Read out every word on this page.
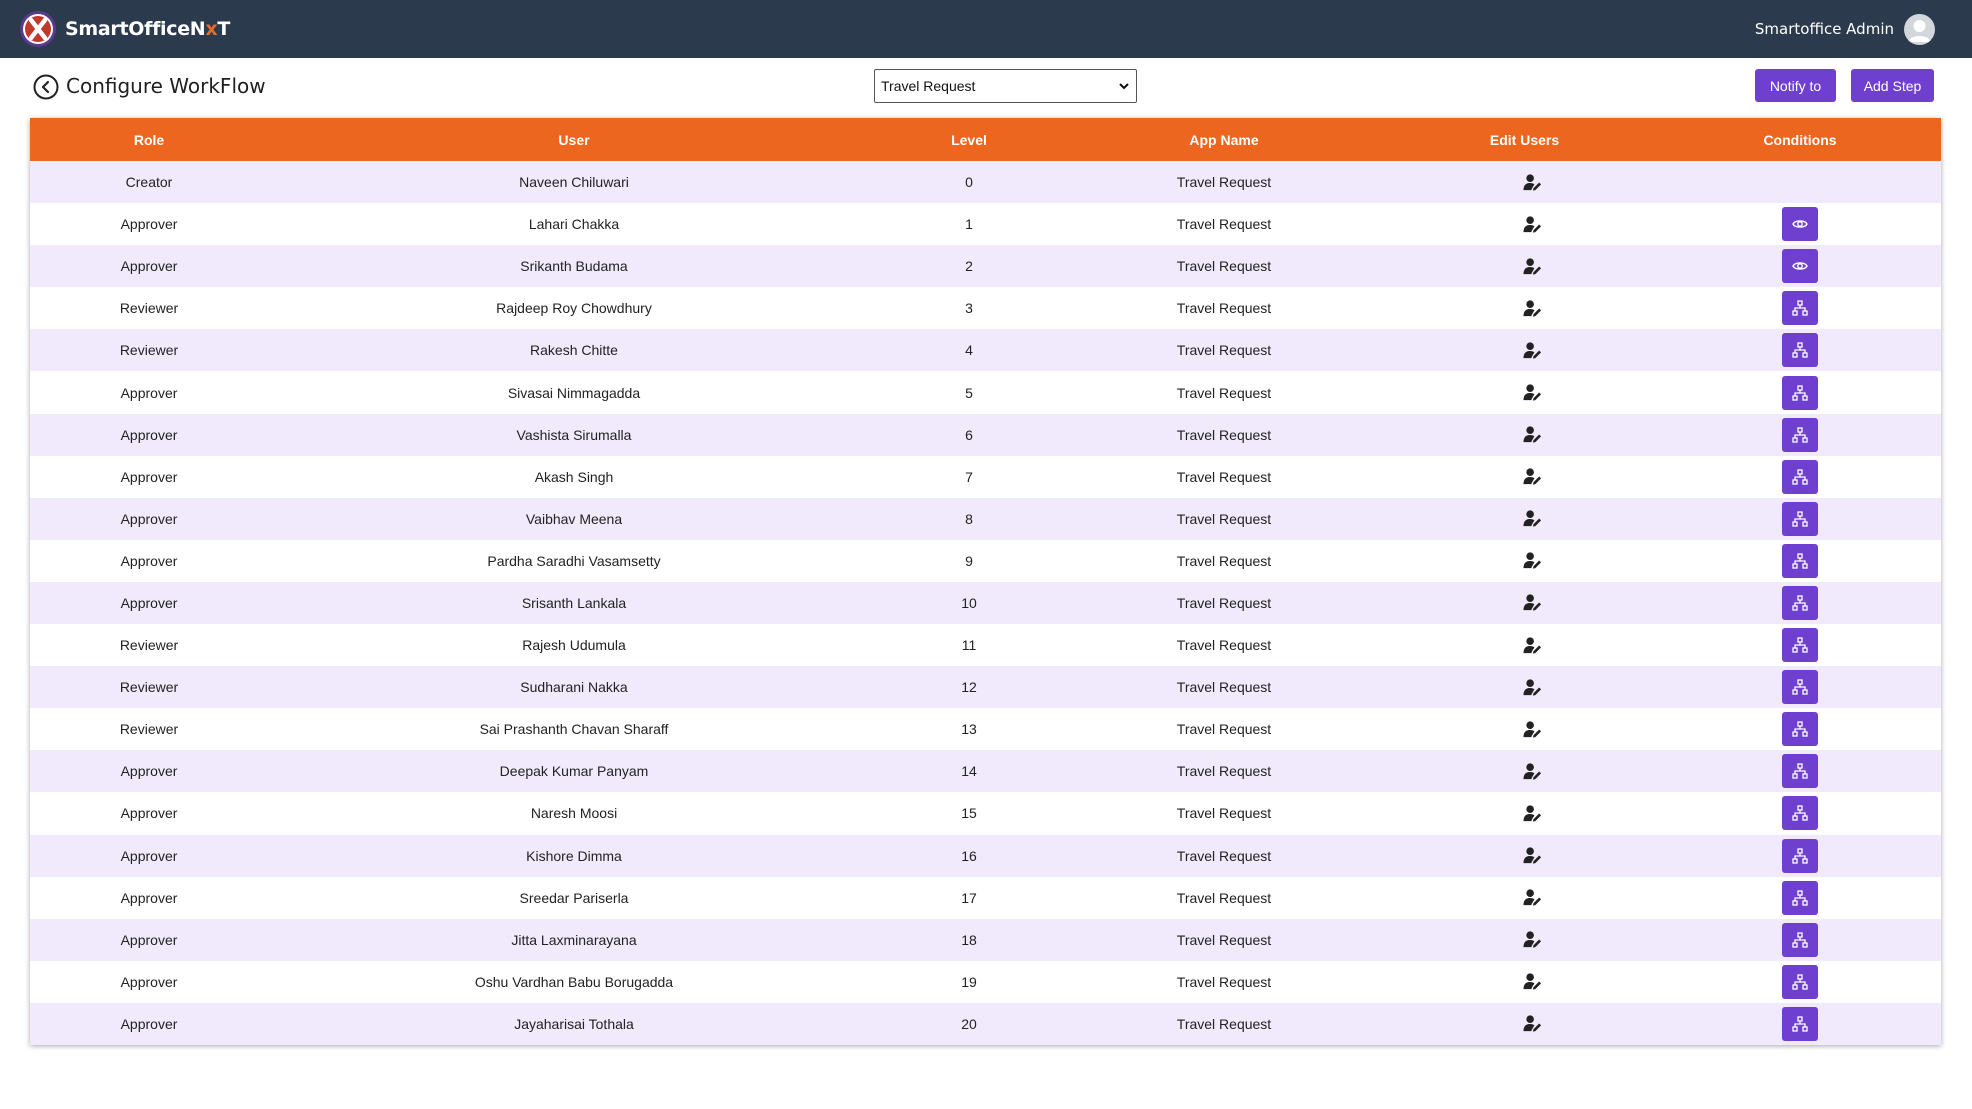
SmartOfficeNxT	Smartoffice Admin
Configure WorkFlow	Travel Request	Notify to	Add Step
Role	User	Level	App Name	Edit Users	Conditions
Creator	Naveen Chiluwari	0	Travel Request		
Approver	Lahari Chakka	1	Travel Request		

Approver	Srikanth Budama	2	Travel Request		

Reviewer	Rajdeep Roy Chowdhury	3	Travel Request		

Reviewer	Rakesh Chitte	4	Travel Request		

Approver	Sivasai Nimmagadda	5	Travel Request		

Approver	Vashista Sirumalla	6	Travel Request		

Approver	Akash Singh	7	Travel Request		

Approver	Vaibhav Meena	8	Travel Request		

Approver	Pardha Saradhi Vasamsetty	9	Travel Request		

Approver	Srisanth Lankala	10	Travel Request		

Reviewer	Rajesh Udumula	11	Travel Request		

Reviewer	Sudharani Nakka	12	Travel Request		

Reviewer	Sai Prashanth Chavan Sharaff	13	Travel Request		

Approver	Deepak Kumar Panyam	14	Travel Request		

Approver	Naresh Moosi	15	Travel Request		

Approver	Kishore Dimma	16	Travel Request		

Approver	Sreedar Pariserla	17	Travel Request		

Approver	Jitta Laxminarayana	18	Travel Request		

Approver	Oshu Vardhan Babu Borugadda	19	Travel Request		

Approver	Jayaharisai Tothala	20	Travel Request		
